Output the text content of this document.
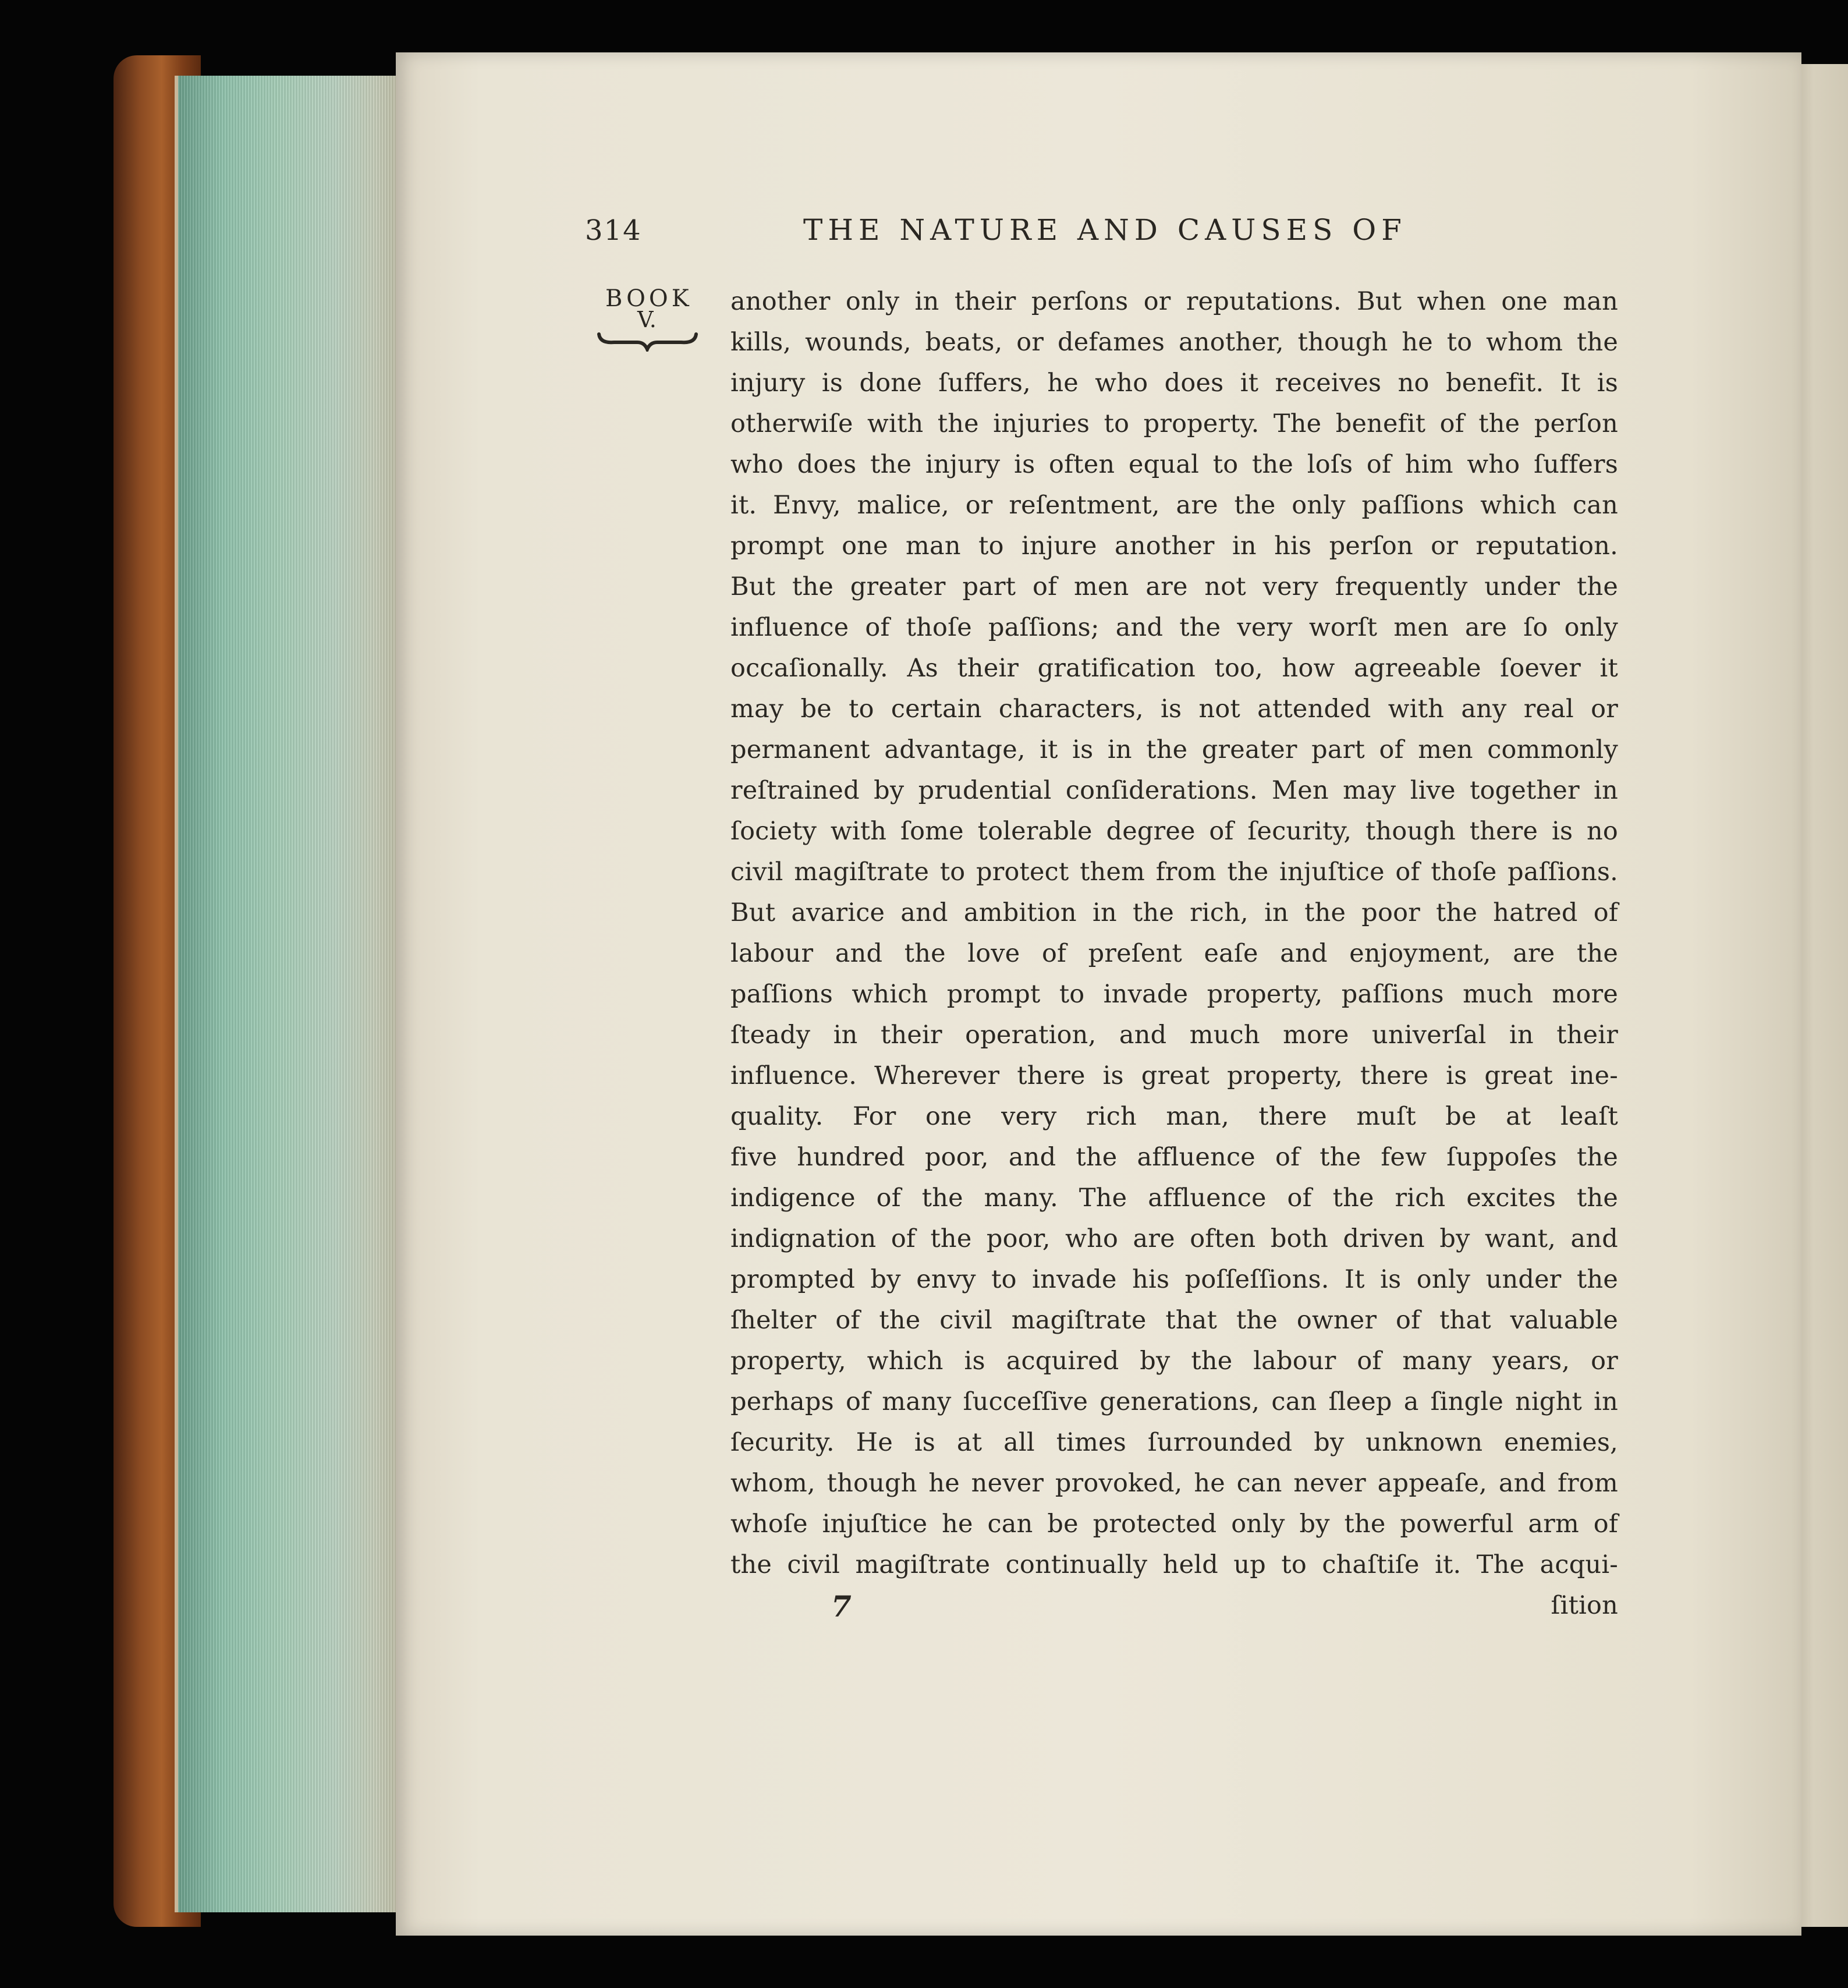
314	THE NATURE AND CAUSES OF
BOOK
V.
another only in their perſons or reputations. But when one man
kills, wounds, beats, or defames another, though he to whom the
injury is done ſuffers, he who does it receives no benefit. It is
otherwiſe with the injuries to property. The benefit of the perſon
who does the injury is often equal to the loſs of him who ſuffers
it. Envy, malice, or reſentment, are the only paſſions which can
prompt one man to injure another in his perſon or reputation.
But the greater part of men are not very frequently under the
influence of thoſe paſſions; and the very worſt men are ſo only
occaſionally. As their gratification too, how agreeable ſoever it
may be to certain characters, is not attended with any real or
permanent advantage, it is in the greater part of men commonly
reſtrained by prudential conſiderations. Men may live together in
ſociety with ſome tolerable degree of ſecurity, though there is no
civil magiſtrate to protect them from the injuſtice of thoſe paſſions.
But avarice and ambition in the rich, in the poor the hatred of
labour and the love of preſent eaſe and enjoyment, are the
paſſions which prompt to invade property, paſſions much more
ſteady in their operation, and much more univerſal in their
influence. Wherever there is great property, there is great ine-
quality. For one very rich man, there muſt be at leaſt
five hundred poor, and the affluence of the few ſuppoſes the
indigence of the many. The affluence of the rich excites the
indignation of the poor, who are often both driven by want, and
prompted by envy to invade his poſſeſſions. It is only under the
ſhelter of the civil magiſtrate that the owner of that valuable
property, which is acquired by the labour of many years, or
perhaps of many ſucceſſive generations, can ſleep a ſingle night in
ſecurity. He is at all times ſurrounded by unknown enemies,
whom, though he never provoked, he can never appeaſe, and from
whoſe injuſtice he can be protected only by the powerful arm of
the civil magiſtrate continually held up to chaſtiſe it. The acqui-
ſition
7
